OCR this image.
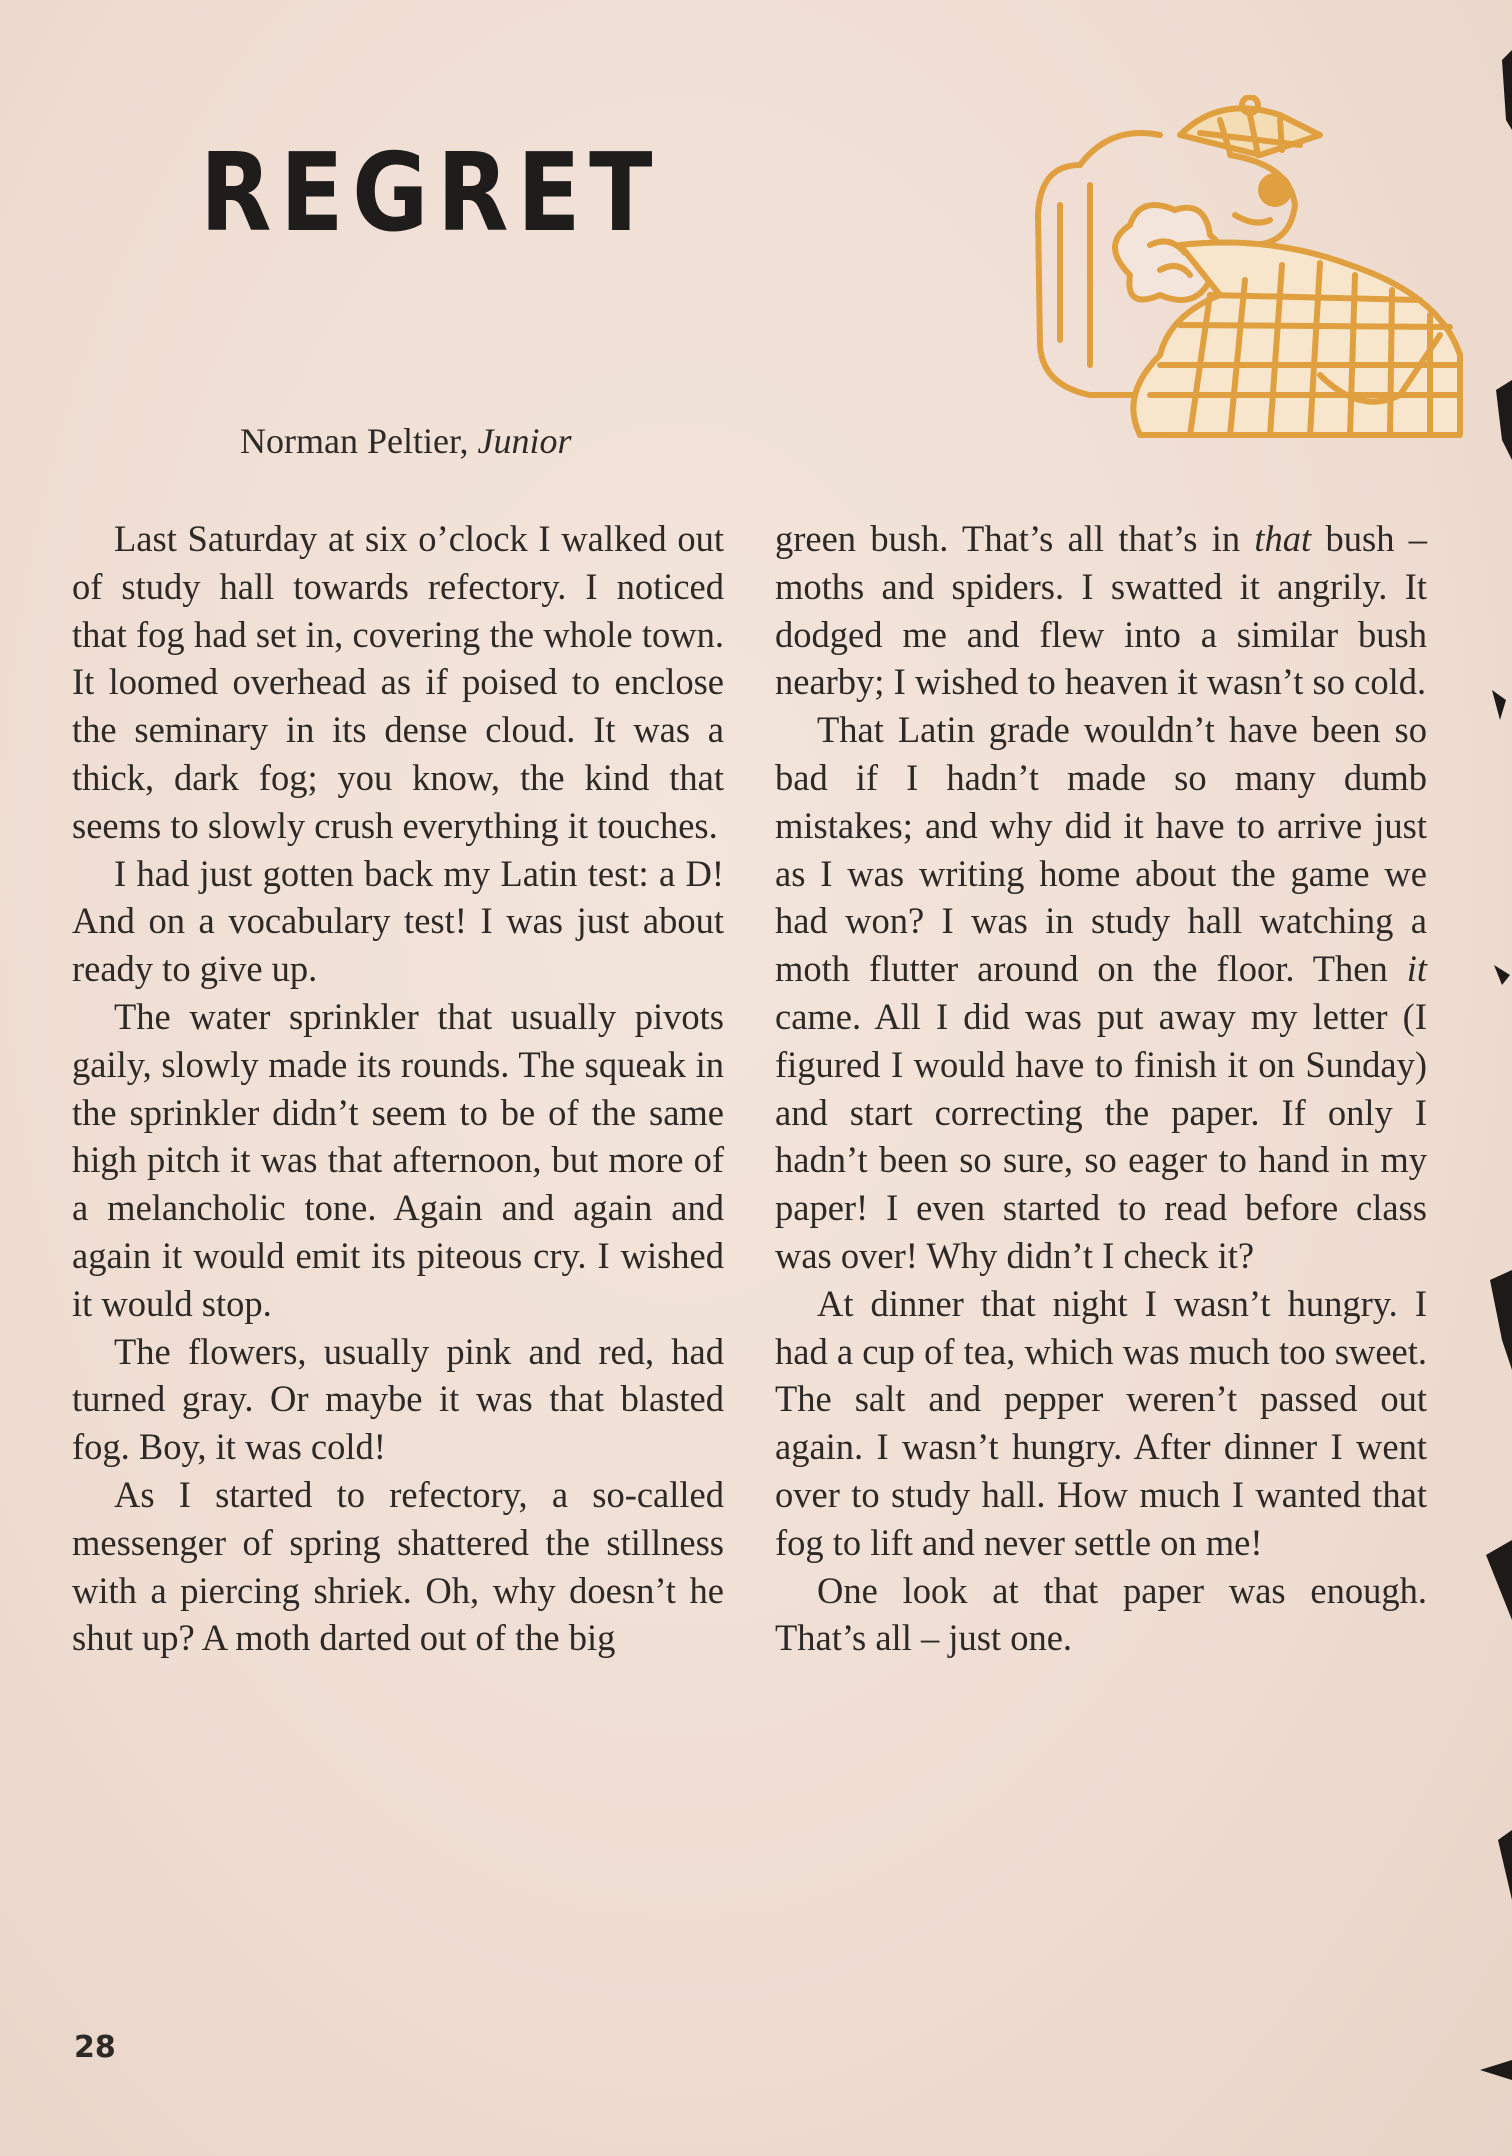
REGRET
Norman Peltier, Junior

Last Saturday at six o’clock I walked out of study hall towards refectory. I noticed that fog had set in, covering the whole town. It loomed overhead as if poised to enclose the seminary in its dense cloud. It was a thick, dark fog; you know, the kind that seems to slowly crush everything it touches.

I had just gotten back my Latin test: a D! And on a vocabulary test! I was just about ready to give up.

The water sprinkler that usually pivots gaily, slowly made its rounds. The squeak in the sprinkler didn’t seem to be of the same high pitch it was that afternoon, but more of a melancholic tone. Again and again and again it would emit its piteous cry. I wished it would stop.

The flowers, usually pink and red, had turned gray. Or maybe it was that blasted fog. Boy, it was cold!

As I started to refectory, a so-called messenger of spring shattered the stillness with a piercing shriek. Oh, why doesn’t he shut up? A moth darted out of the big

green bush. That’s all that’s in that bush – moths and spiders. I swatted it angrily. It dodged me and flew into a similar bush nearby; I wished to heaven it wasn’t so cold.

That Latin grade wouldn’t have been so bad if I hadn’t made so many dumb mistakes; and why did it have to arrive just as I was writing home about the game we had won? I was in study hall watching a moth flutter around on the floor. Then it came. All I did was put away my letter (I figured I would have to finish it on Sunday) and start correcting the paper. If only I hadn’t been so sure, so eager to hand in my paper! I even started to read before class was over! Why didn’t I check it?

At dinner that night I wasn’t hungry. I had a cup of tea, which was much too sweet. The salt and pepper weren’t passed out again. I wasn’t hungry. After dinner I went over to study hall. How much I wanted that fog to lift and never settle on me!

One look at that paper was enough. That’s all – just one.

28
